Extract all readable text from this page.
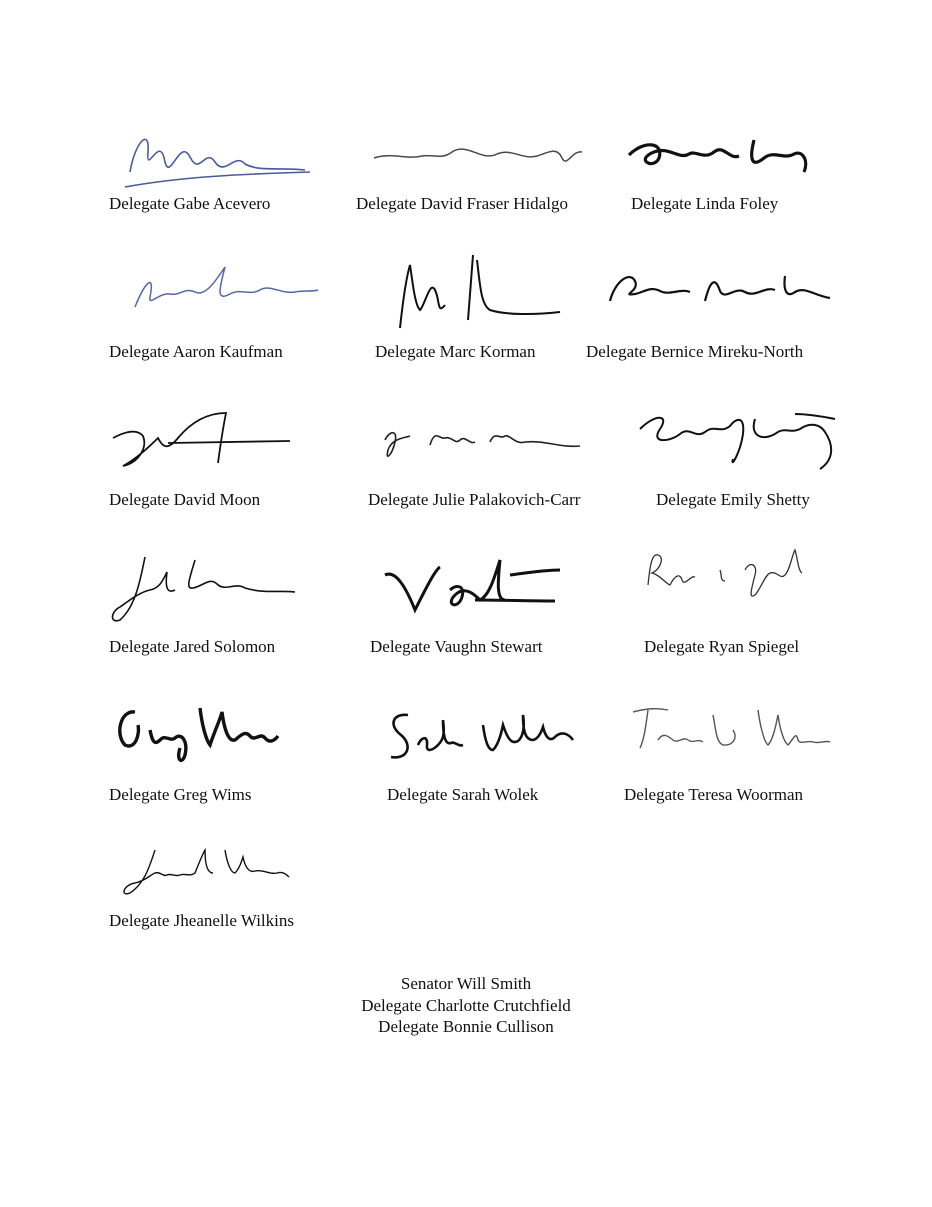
Delegate Gabe Acevero	Delegate David Fraser Hidalgo	Delegate Linda Foley
Delegate Aaron Kaufman	Delegate Marc Korman	Delegate Bernice Mireku-North
Delegate David Moon	Delegate Julie Palakovich-Carr	Delegate Emily Shetty
Delegate Jared Solomon	Delegate Vaughn Stewart	Delegate Ryan Spiegel
Delegate Greg Wims	Delegate Sarah Wolek	Delegate Teresa Woorman
Delegate Jheanelle Wilkins
Senator Will Smith
Delegate Charlotte Crutchfield
Delegate Bonnie Cullison
